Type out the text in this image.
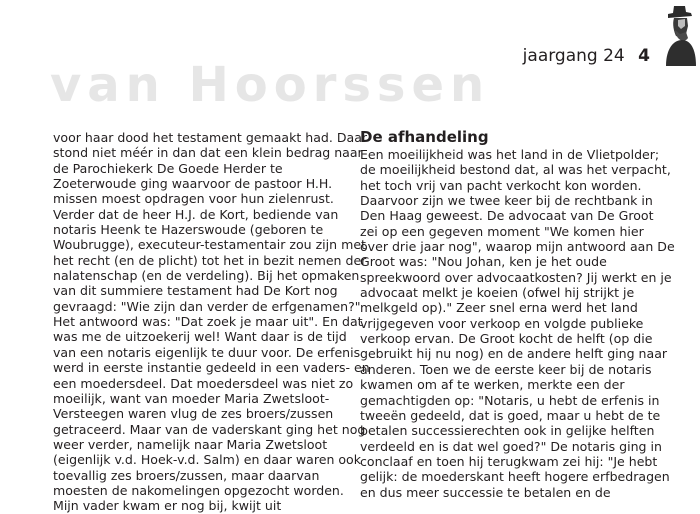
van Hoorssen
jaargang 24 4
voor haar dood het testament gemaakt had. Daar
stond niet méér in dan dat een klein bedrag naar
de Parochiekerk De Goede Herder te
Zoeterwoude ging waarvoor de pastoor H.H.
missen moest opdragen voor hun zielenrust.
Verder dat de heer H.J. de Kort, bediende van
notaris Heenk te Hazerswoude (geboren te
Woubrugge), executeur-testamentair zou zijn met
het recht (en de plicht) tot het in bezit nemen der
nalatenschap (en de verdeling). Bij het opmaken
van dit summiere testament had De Kort nog
gevraagd: "Wie zijn dan verder de erfgenamen?"
Het antwoord was: "Dat zoek je maar uit". En dat
was me de uitzoekerij wel! Want daar is de tijd
van een notaris eigenlijk te duur voor. De erfenis
werd in eerste instantie gedeeld in een vaders- en
een moedersdeel. Dat moedersdeel was niet zo
moeilijk, want van moeder Maria Zwetsloot-
Versteegen waren vlug de zes broers/zussen
getraceerd. Maar van de vaderskant ging het nog
weer verder, namelijk naar Maria Zwetsloot
(eigenlijk v.d. Hoek-v.d. Salm) en daar waren ook
toevallig zes broers/zussen, maar daarvan
moesten de nakomelingen opgezocht worden.
Mijn vader kwam er nog bij, kwijt uit
De afhandeling
Een moeilijkheid was het land in de Vlietpolder;
de moeilijkheid bestond dat, al was het verpacht,
het toch vrij van pacht verkocht kon worden.
Daarvoor zijn we twee keer bij de rechtbank in
Den Haag geweest. De advocaat van De Groot
zei op een gegeven moment "We komen hier
over drie jaar nog", waarop mijn antwoord aan De
Groot was: "Nou Johan, ken je het oude
spreekwoord over advocaatkosten? Jij werkt en je
advocaat melkt je koeien (ofwel hij strijkt je
melkgeld op)." Zeer snel erna werd het land
vrijgegeven voor verkoop en volgde publieke
verkoop ervan. De Groot kocht de helft (op die
gebruikt hij nu nog) en de andere helft ging naar
anderen. Toen we de eerste keer bij de notaris
kwamen om af te werken, merkte een der
gemachtigden op: "Notaris, u hebt de erfenis in
tweeën gedeeld, dat is goed, maar u hebt de te
betalen successierechten ook in gelijke helften
verdeeld en is dat wel goed?" De notaris ging in
conclaaf en toen hij terugkwam zei hij: "Je hebt
gelijk: de moederskant heeft hogere erfbedragen
en dus meer successie te betalen en de
